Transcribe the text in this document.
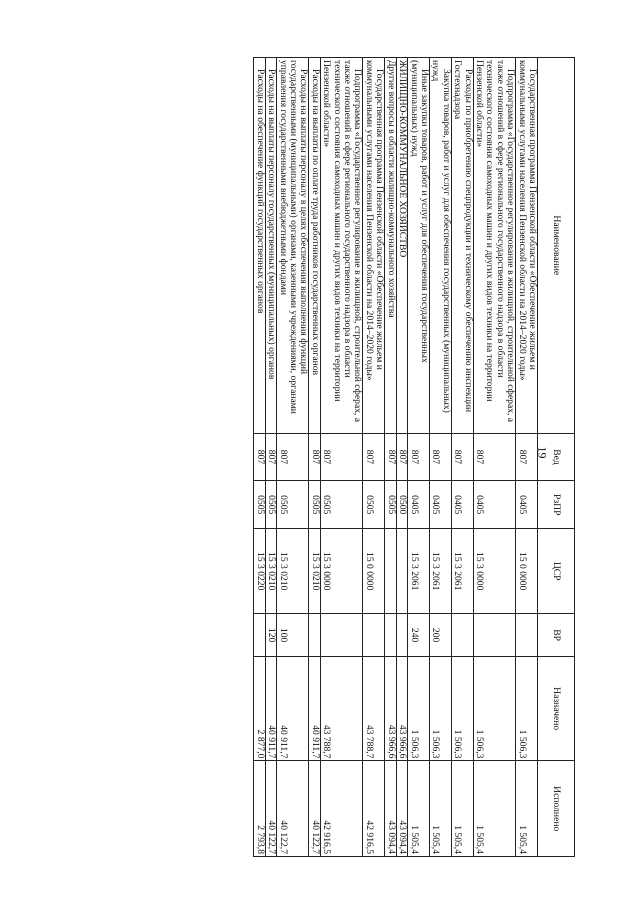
19
Наименование	Вед	РзПР	ЦСР	ВР	Назначено	Исполнено
Государственная программа Пензенской области «Обеспечение жильем и коммунальными услугами населения Пензенской области на 2014–2020 годы»	807	0405	15 0 0000		1 506,3	1 505,4
Подпрограмма «Государственное регулирование в жилищной, строительной сферах, а также отношений в сфере регионального государственного надзора в области технического состояния самоходных машин и других видов техники на территории Пензенской области»	807	0405	15 3 0000		1 506,3	1 505,4
Расходы по приобретению спецпродукции и техническому обеспечению инспекции Гостехнадзора	807	0405	15 3 2061		1 506,3	1 505,4
Закупка товаров, работ и услуг для обеспечения государственных (муниципальных) нужд	807	0405	15 3 2061	200	1 506,3	1 505,4
Иные закупки товаров, работ и услуг для обеспечения государственных (муниципальных) нужд	807	0405	15 3 2061	240	1 506,3	1 505,4
ЖИЛИЩНО-КОММУНАЛЬНОЕ ХОЗЯЙСТВО	807	0500			43 966,6	43 094,4
Другие вопросы в области жилищно-коммунального хозяйства	807	0505			43 966,6	43 094,4
Государственная программа Пензенской области «Обеспечение жильем и коммунальными услугами населения Пензенской области на 2014–2020 годы»	807	0505	15 0 0000		43 788,7	42 916,5
Подпрограмма «Государственное регулирование в жилищной, строительной сферах, а также отношений в сфере регионального государственного надзора в области технического состояния самоходных машин и других видов техники на территории Пензенской области»	807	0505	15 3 0000		43 788,7	42 916,5
Расходы на выплаты по оплате труда работников государственных органов	807	0505	15 3 0210		40 911,7	40 122,7
Расходы на выплаты персоналу в целях обеспечения выполнения функций государственными (муниципальными) органами, казенными учреждениями, органами управления государственными внебюджетными фондами	807	0505	15 3 0210	100	40 911,7	40 122,7
Расходы на выплаты персоналу государственных (муниципальных) органов	807	0505	15 3 0210	120	40 911,7	40 122,7
Расходы на обеспечение функций государственных органов	807	0505	15 3 0220		2 877,0	2 793,8
